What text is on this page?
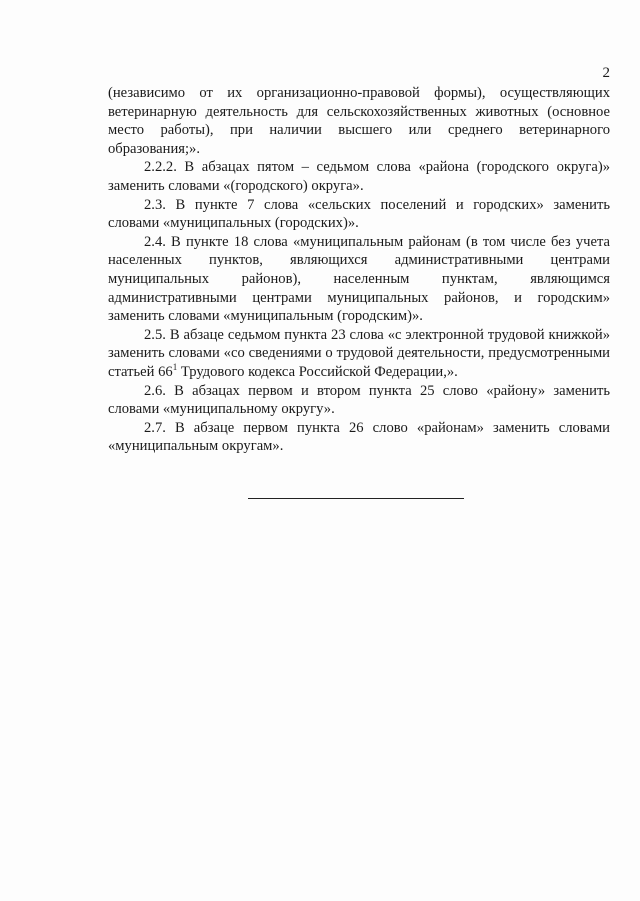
2

(независимо от их организационно-правовой формы), осуществляющих ветеринарную деятельность для сельскохозяйственных животных (основное место работы), при наличии высшего или среднего ветеринарного образования;».

2.2.2. В абзацах пятом – седьмом слова «района (городского округа)» заменить словами «(городского) округа».

2.3. В пункте 7 слова «сельских поселений и городских» заменить словами «муниципальных (городских)».

2.4. В пункте 18 слова «муниципальным районам (в том числе без учета населенных пунктов, являющихся административными центрами муниципальных районов), населенным пунктам, являющимся административными центрами муниципальных районов, и городским» заменить словами «муниципальным (городским)».

2.5. В абзаце седьмом пункта 23 слова «с электронной трудовой книжкой» заменить словами «со сведениями о трудовой деятельности, предусмотренными статьей $66^1$ Трудового кодекса Российской Федерации,».

2.6. В абзацах первом и втором пункта 25 слово «району» заменить словами «муниципальному округу».

2.7. В абзаце первом пункта 26 слово «районам» заменить словами «муниципальным округам».
